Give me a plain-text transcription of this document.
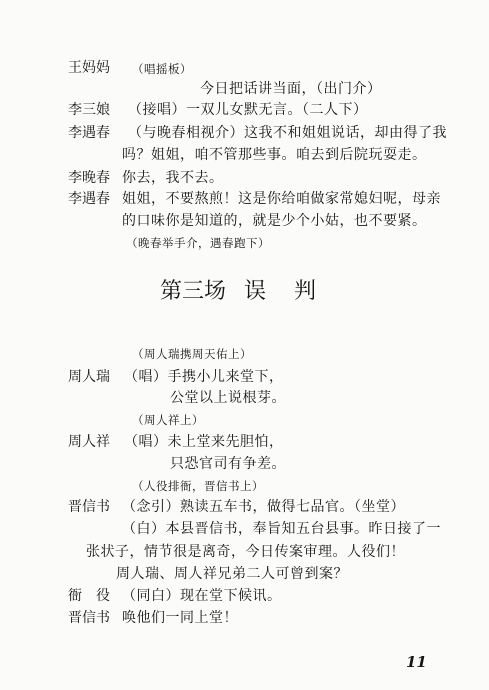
王妈妈 （唱摇板）
今日把话讲当面，（出门介）
李三娘 （接唱）一双儿女默无言。（二人下）
李遇春 （与晚春相视介）这我不和姐姐说话，却由得了我
吗？姐姐，咱不管那些事。咱去到后院玩耍走。
李晚春 你去，我不去。
李遇春 姐姐，不要熬煎！这是你给咱做家常媳妇呢，母亲
的口味你是知道的，就是少个小姑，也不要紧。
（晚春举手介，遇春跑下）
第三场 误 判
（周人瑞携周天佑上）
周人瑞 （唱）手携小儿来堂下，
公堂以上说根芽。
（周人祥上）
周人祥 （唱）未上堂来先胆怕，
只恐官司有争差。
（人役排衙，晋信书上）
晋信书 （念引）熟读五车书，做得七品官。（坐堂）
（白）本县晋信书，奉旨知五台县事。昨日接了一
张状子，情节很是离奇，今日传案审理。人役们！
周人瑞、周人祥兄弟二人可曾到案？
衙役
（同白）现在堂下候讯。
晋信书 唤他们一同上堂！
11
